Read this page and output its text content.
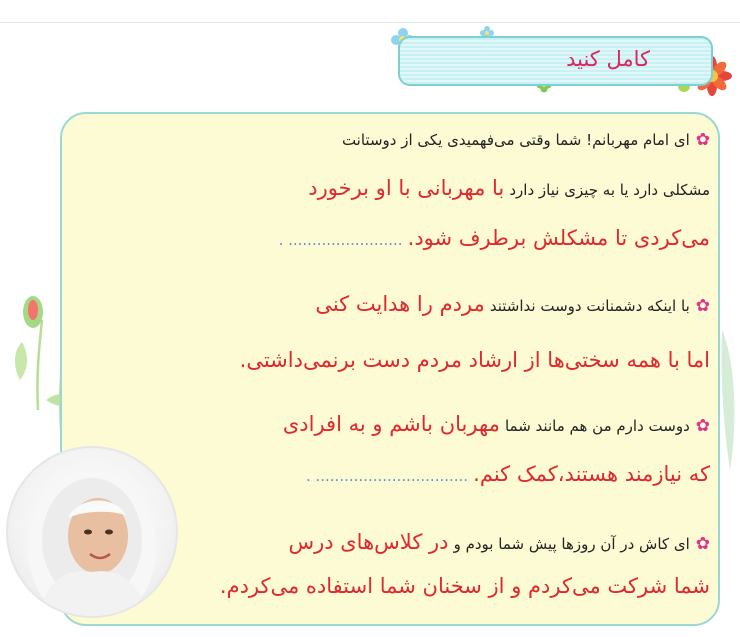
کامل کنید
✿ای امام مهربانم! شما وقتی می‌فهمیدی یکی از دوستانت
مشکلی دارد یا به چیزی نیاز دارد با مهربانی با او برخورد
می‌کردی تا مشکلش برطرف شود. ........................ .
✿با اینکه دشمنانت دوست نداشتند مردم را هدایت کنی
اما با همه سختی‌ها از ارشاد مردم دست برنمی‌داشتی.
✿دوست دارم من هم مانند شما مهربان باشم و به افرادی
که نیازمند هستند،کمک کنم. ................................ .
✿ای کاش در آن روزها پیش شما بودم و در کلاس‌های درس
شما شرکت می‌کردم و از سخنان شما استفاده می‌کردم.
